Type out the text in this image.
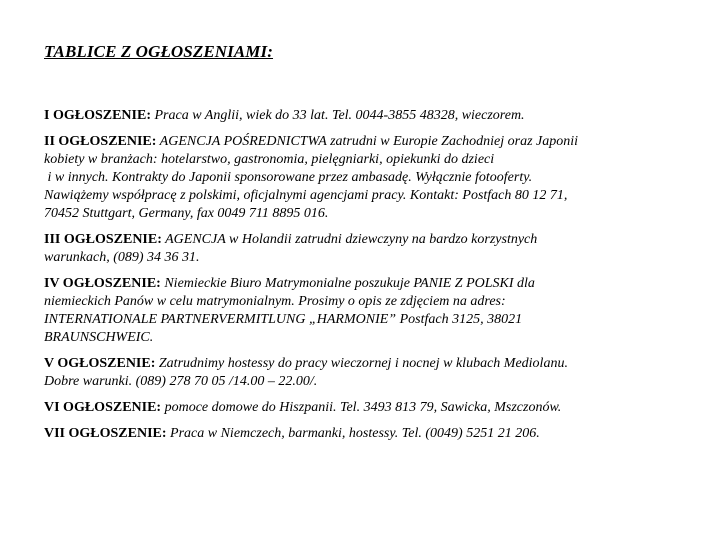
TABLICE Z OGŁOSZENIAMI:
I OGŁOSZENIE: Praca w Anglii, wiek do 33 lat. Tel. 0044-3855 48328, wieczorem.
II OGŁOSZENIE: AGENCJA POŚREDNICTWA zatrudni w Europie Zachodniej oraz Japonii
kobiety w branżach: hotelarstwo, gastronomia, pielęgniarki, opiekunki do dzieci
i w innych. Kontrakty do Japonii sponsorowane przez ambasadę. Wyłącznie fotooferty.
Nawiążemy współpracę z polskimi, oficjalnymi agencjami pracy. Kontakt: Postfach 80 12 71,
70452 Stuttgart, Germany, fax 0049 711 8895 016.
III OGŁOSZENIE: AGENCJA w Holandii zatrudni dziewczyny na bardzo korzystnych
warunkach, (089) 34 36 31.
IV OGŁOSZENIE: Niemieckie Biuro Matrymonialne poszukuje PANIE Z POLSKI dla
niemieckich Panów w celu matrymonialnym. Prosimy o opis ze zdjęciem na adres:
INTERNATIONALE PARTNERVERMITLUNG „HARMONIE” Postfach 3125, 38021
BRAUNSCHWEIC.
V OGŁOSZENIE: Zatrudnimy hostessy do pracy wieczornej i nocnej w klubach Mediolanu.
Dobre warunki. (089) 278 70 05 /14.00 – 22.00/.
VI OGŁOSZENIE: pomoce domowe do Hiszpanii. Tel. 3493 813 79, Sawicka, Mszczonów.
VII OGŁOSZENIE: Praca w Niemczech, barmanki, hostessy. Tel. (0049) 5251 21 206.
